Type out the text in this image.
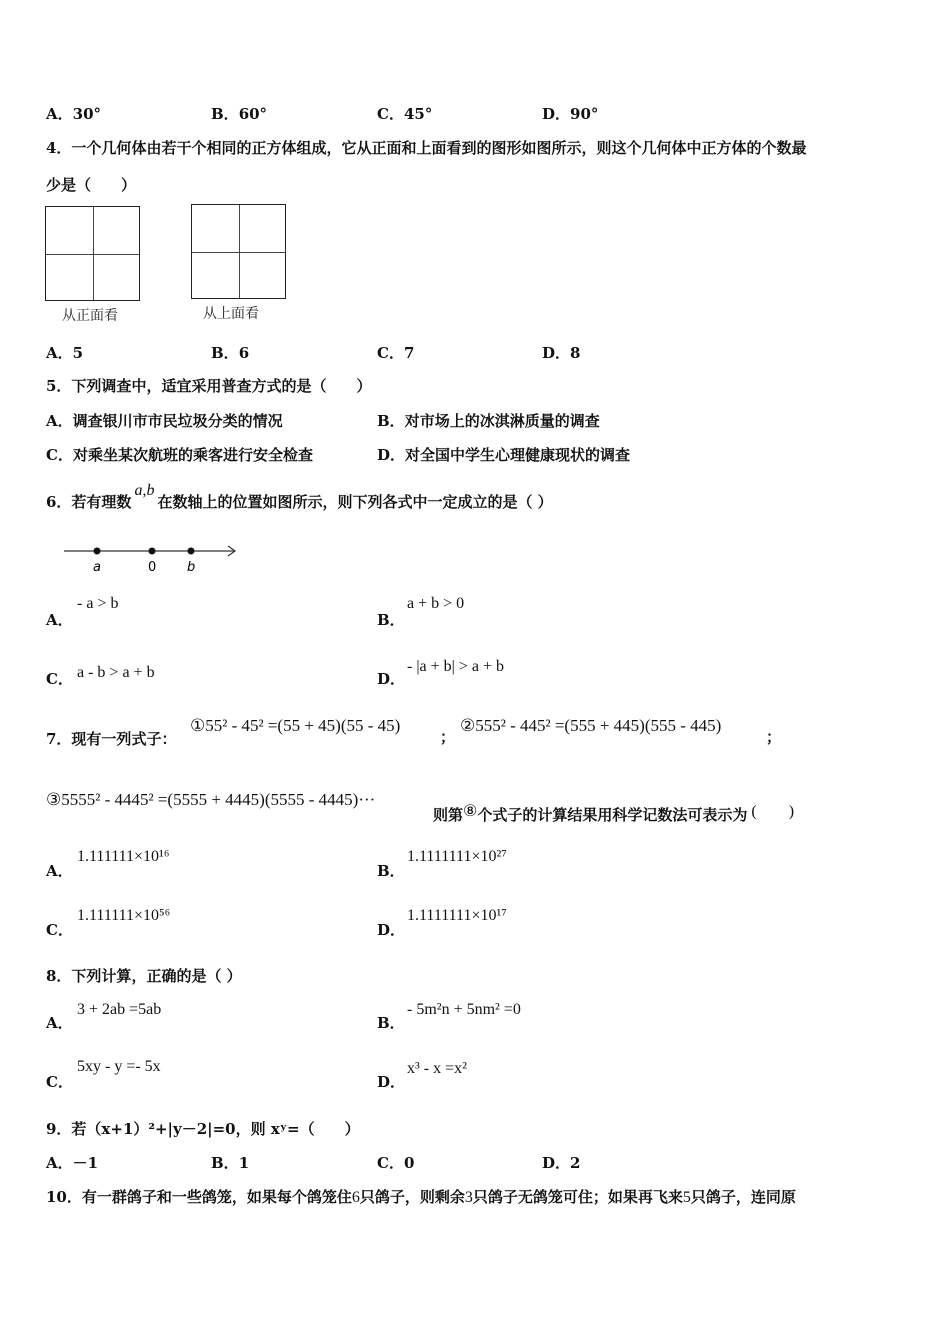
A．30°	B．60°	C．45°	D．90°
4．一个几何体由若干个相同的正方体组成，它从正面和上面看到的图形如图所示，则这个几何体中正方体的个数最
少是（　　）
从正面看	从上面看
A．5	B．6	C．7	D．8
5．下列调查中，适宜采用普查方式的是（　　）
A．调查银川市市民垃圾分类的情况	B．对市场上的冰淇淋质量的调查
C．对乘坐某次航班的乘客进行安全检查	D．对全国中学生心理健康现状的调查
6．若有理数a,b在数轴上的位置如图所示，则下列各式中一定成立的是（ ）
a	0 b
A．
- a > b
B．
a + b > 0
C． a - b > a + b	D．
- |a + b| > a + b
7．现有一列式子：
①55² - 45² =(55 + 45)(55 - 45)
；
②555² - 445² =(555 + 445)(555 - 445)
；
③5555² - 4445² =(5555 + 4445)(5555 - 4445)···
则第⑧个式子的计算结果用科学记数法可表示为 (　　)
A．
1.111111×10¹⁶
B．
1.1111111×10²⁷
C．
1.111111×10⁵⁶
D．
1.1111111×10¹⁷
8．下列计算，正确的是（ ）
A．
3 + 2ab =5ab
B．
- 5m²n + 5nm² =0
C．
5xy - y =- 5x
D．
x³ - x =x²
9．若（x+1）²+|y－2|=0，则 xʸ=（　　）
A．－1	B．1	C．0	D．2
10．有一群鸽子和一些鸽笼，如果每个鸽笼住6只鸽子，则剩余3只鸽子无鸽笼可住；如果再飞来5只鸽子，连同原
